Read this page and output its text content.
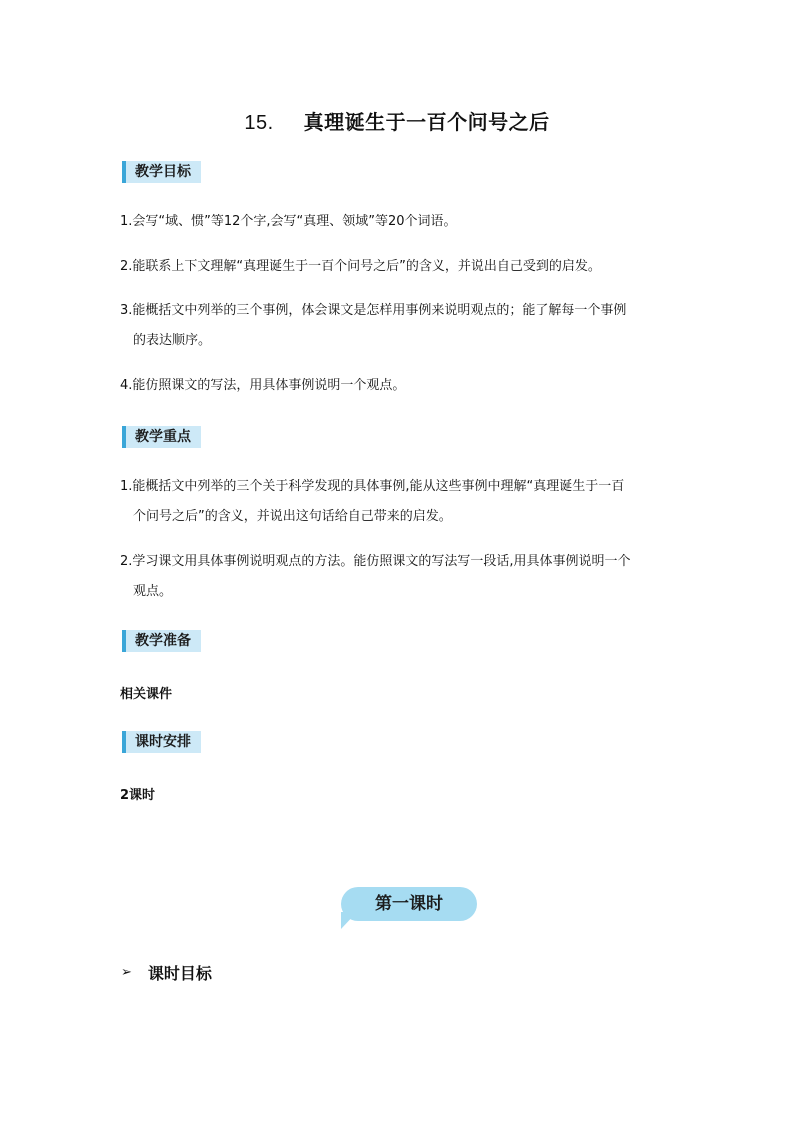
15. 真理诞生于一百个问号之后
教学目标
1.会写“域、惯”等12个字,会写“真理、领域”等20个词语。
2.能联系上下文理解“真理诞生于一百个问号之后”的含义，并说出自己受到的启发。
3.能概括文中列举的三个事例，体会课文是怎样用事例来说明观点的；能了解每一个事例
的表达顺序。
4.能仿照课文的写法，用具体事例说明一个观点。
教学重点
1.能概括文中列举的三个关于科学发现的具体事例,能从这些事例中理解“真理诞生于一百
个问号之后”的含义，并说出这句话给自己带来的启发。
2.学习课文用具体事例说明观点的方法。能仿照课文的写法写一段话,用具体事例说明一个
观点。
教学准备
相关课件
课时安排
2课时
第一课时
➢ 课时目标
